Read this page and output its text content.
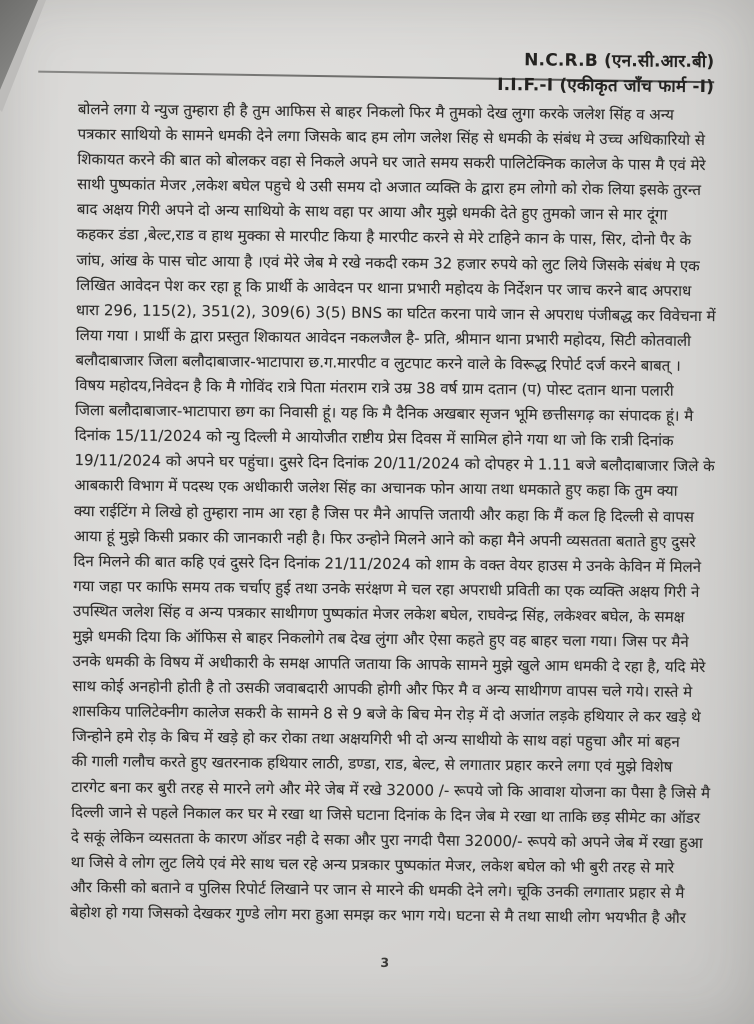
N.C.R.B (एन.सी.आर.बी)
I.I.F.-I (एकीकृत जाँच फार्म -I)
बोलने लगा ये न्युज तुम्हारा ही है तुम आफिस से बाहर निकलो फिर मै तुमको देख लुगा करके जलेश सिंह व अन्य
पत्रकार साथियो के सामने धमकी देने लगा जिसके बाद हम लोग जलेश सिंह से धमकी के संबंध मे उच्च अधिकारियो से
शिकायत करने की बात को बोलकर वहा से निकले अपने घर जाते समय सकरी पालिटेक्निक कालेज के पास मै एवं मेरे
साथी पुष्पकांत मेजर ,लकेश बघेल पहुचे थे उसी समय दो अजात व्यक्ति के द्वारा हम लोगो को रोक लिया इसके तुरन्त
बाद अक्षय गिरी अपने दो अन्य साथियो के साथ वहा पर आया और मुझे धमकी देते हुए तुमको जान से मार दूंगा
कहकर डंडा ,बेल्ट,राड व हाथ मुक्का से मारपीट किया है मारपीट करने से मेरे टाहिने कान के पास, सिर, दोनो पैर के
जांघ, आंख के पास चोट आया है ।एवं मेरे जेब मे रखे नकदी रकम 32 हजार रुपये को लुट लिये जिसके संबंध मे एक
लिखित आवेदन पेश कर रहा हू कि प्रार्थी के आवेदन पर थाना प्रभारी महोदय के निर्देशन पर जाच करने बाद अपराध
धारा 296, 115(2), 351(2), 309(6) 3(5) BNS का घटित करना पाये जान से अपराध पंजीबद्ध कर विवेचना में
लिया गया । प्रार्थी के द्वारा प्रस्तुत शिकायत आवेदन नकलजैल है- प्रति, श्रीमान थाना प्रभारी महोदय, सिटी कोतवाली
बलौदाबाजार जिला बलौदाबाजार-भाटापारा छ.ग.मारपीट व लुटपाट करने वाले के विरूद्ध रिपोर्ट दर्ज करने बाबत् ।
विषय महोदय,निवेदन है कि मै गोविंद रात्रे पिता मंतराम रात्रे उम्र 38 वर्ष ग्राम दतान (प) पोस्ट दतान थाना पलारी
जिला बलौदाबाजार-भाटापारा छग का निवासी हूं। यह कि मै दैनिक अखबार सृजन भूमि छत्तीसगढ़ का संपादक हूं। मै
दिनांक 15/11/2024 को न्यु दिल्ली मे आयोजीत राष्टीय प्रेस दिवस में सामिल होने गया था जो कि रात्री दिनांक
19/11/2024 को अपने घर पहुंचा। दुसरे दिन दिनांक 20/11/2024 को दोपहर मे 1.11 बजे बलौदाबाजार जिले के
आबकारी विभाग में पदस्थ एक अधीकारी जलेश सिंह का अचानक फोन आया तथा धमकाते हुए कहा कि तुम क्या
क्या राईटिंग मे लिखे हो तुम्हारा नाम आ रहा है जिस पर मैने आपत्ति जतायी और कहा कि मैं कल हि दिल्ली से वापस
आया हूं मुझे किसी प्रकार की जानकारी नही है। फिर उन्होने मिलने आने को कहा मैने अपनी व्यसतता बताते हुए दुसरे
दिन मिलने की बात कहि एवं दुसरे दिन दिनांक 21/11/2024 को शाम के वक्त वेयर हाउस मे उनके केविन में मिलने
गया जहा पर काफि समय तक चर्चाए हुई तथा उनके सरंक्षण मे चल रहा अपराधी प्रविती का एक व्यक्ति अक्षय गिरी ने
उपस्थित जलेश सिंह व अन्य पत्रकार साथीगण पुष्पकांत मेजर लकेश बघेल, राघवेन्द्र सिंह, लकेश्वर बघेल, के समक्ष
मुझे धमकी दिया कि ऑफिस से बाहर निकलोगे तब देख लुंगा और ऐसा कहते हुए वह बाहर चला गया। जिस पर मैने
उनके धमकी के विषय में अधीकारी के समक्ष आपति जताया कि आपके सामने मुझे खुले आम धमकी दे रहा है, यदि मेरे
साथ कोई अनहोनी होती है तो उसकी जवाबदारी आपकी होगी और फिर मै व अन्य साथीगण वापस चले गये। रास्ते मे
शासकिय पालिटेक्नीग कालेज सकरी के सामने 8 से 9 बजे के बिच मेन रोड़ में दो अजांत लड़के हथियार ले कर खड़े थे
जिन्होने हमे रोड़ के बिच में खड़े हो कर रोका तथा अक्षयगिरी भी दो अन्य साथीयो के साथ वहां पहुचा और मां बहन
की गाली गलौच करते हुए खतरनाक हथियार लाठी, डण्डा, राड, बेल्ट, से लगातार प्रहार करने लगा एवं मुझे विशेष
टारगेट बना कर बुरी तरह से मारने लगे और मेरे जेब में रखे 32000 /- रूपये जो कि आवाश योजना का पैसा है जिसे मै
दिल्ली जाने से पहले निकाल कर घर मे रखा था जिसे घटाना दिनांक के दिन जेब मे रखा था ताकि छड़ सीमेट का ऑडर
दे सकूं लेकिन व्यसतता के कारण ऑडर नही दे सका और पुरा नगदी पैसा 32000/- रूपये को अपने जेब में रखा हुआ
था जिसे वे लोग लुट लिये एवं मेरे साथ चल रहे अन्य प्रत्रकार पुष्पकांत मेजर, लकेश बघेल को भी बुरी तरह से मारे
और किसी को बताने व पुलिस रिपोर्ट लिखाने पर जान से मारने की धमकी देने लगे। चूकि उनकी लगातार प्रहार से मै
बेहोश हो गया जिसको देखकर गुण्डे लोग मरा हुआ समझ कर भाग गये। घटना से मै तथा साथी लोग भयभीत है और
3
